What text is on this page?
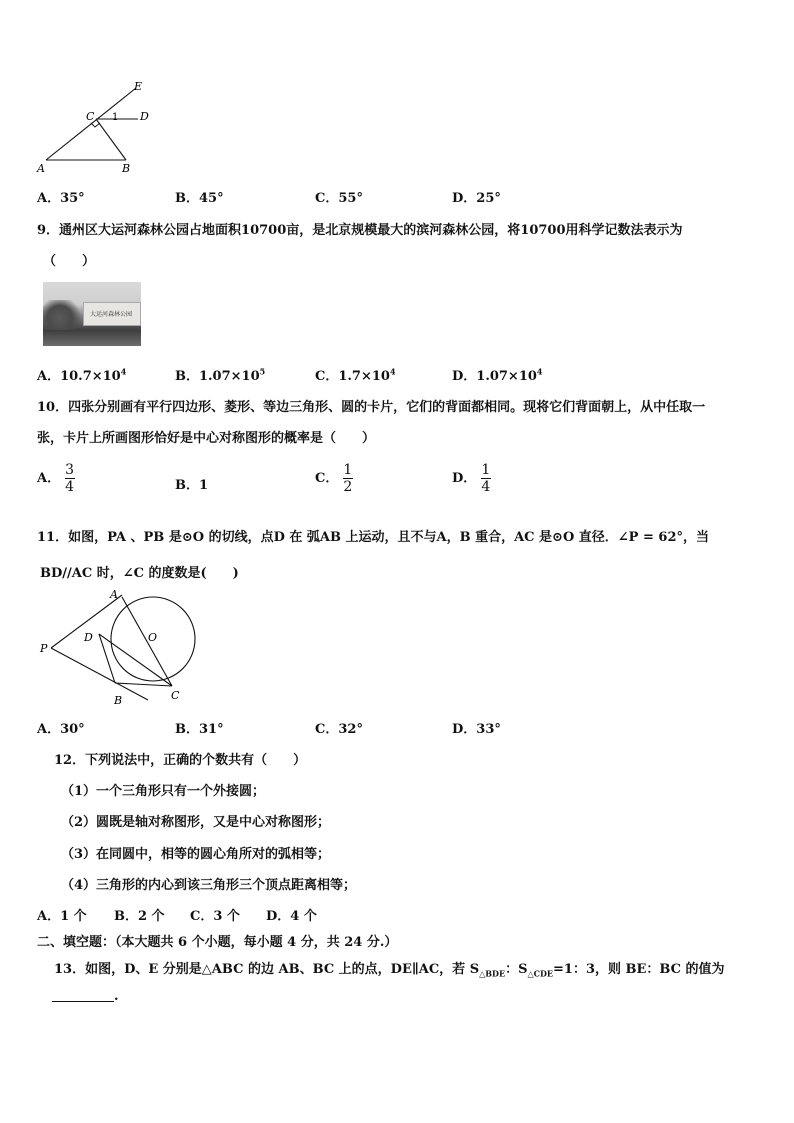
E
C 1 D
A	B
A．35°	B．45°	C．55°	D．25°
9．通州区大运河森林公园占地面积10700亩，是北京规模最大的滨河森林公园，将10700用科学记数法表示为
（　　）
大运河森林公园
A．$10.7\times 10^4$	B．$1.07\times 10^5$	C．$1.7\times 10^4$	D．$1.07\times 10^4$
10．四张分别画有平行四边形、菱形、等边三角形、圆的卡片，它们的背面都相同。现将它们背面朝上，从中任取一
张，卡片上所画图形恰好是中心对称图形的概率是（　　）
A． $\frac{3}{4}$	B．1	C． $\frac{1}{2}$	D． $\frac{1}{4}$
11．如图，PA 、PB 是⊙O 的切线，点D 在 弧AB 上运动，且不与A，B 重合，AC 是⊙O 直径．∠P = 62°，当
BD//AC 时，∠C 的度数是(　　)
A
O
P
D
B	C
A．30°	B．31°	C．32°	D．33°
12．下列说法中，正确的个数共有（　　）
（1）一个三角形只有一个外接圆；
（2）圆既是轴对称图形，又是中心对称图形；
（3）在同圆中，相等的圆心角所对的弧相等；
（4）三角形的内心到该三角形三个顶点距离相等；
A．1 个 B．2 个 C．3 个 D．4 个
二、填空题：（本大题共 6 个小题，每小题 4 分，共 24 分.）
13．如图，D、E 分别是△ABC 的边 AB、BC 上的点，DE∥AC，若 $S_{\triangle BDE}$：$S_{\triangle CDE}=1$：3，则 BE：BC 的值为
.
